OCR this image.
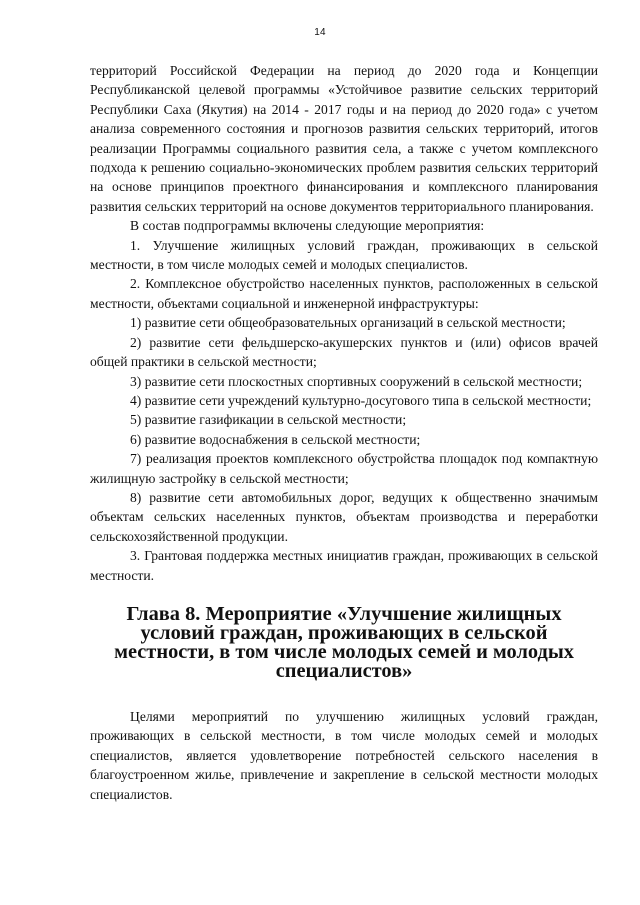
14

территорий Российской Федерации на период до 2020 года и Концепции Республиканской целевой программы «Устойчивое развитие сельских территорий Республики Саха (Якутия) на 2014 - 2017 годы и на период до 2020 года» с учетом анализа современного состояния и прогнозов развития сельских территорий, итогов реализации Программы социального развития села, а также с учетом комплексного подхода к решению социально-экономических проблем развития сельских территорий на основе принципов проектного финансирования и комплексного планирования развития сельских территорий на основе документов территориального планирования.

В состав подпрограммы включены следующие мероприятия:

1. Улучшение жилищных условий граждан, проживающих в сельской местности, в том числе молодых семей и молодых специалистов.

2. Комплексное обустройство населенных пунктов, расположенных в сельской местности, объектами социальной и инженерной инфраструктуры:

1) развитие сети общеобразовательных организаций в сельской местности;

2) развитие сети фельдшерско-акушерских пунктов и (или) офисов врачей общей практики в сельской местности;

3) развитие сети плоскостных спортивных сооружений в сельской местности;

4) развитие сети учреждений культурно-досугового типа в сельской местности;

5) развитие газификации в сельской местности;

6) развитие водоснабжения в сельской местности;

7) реализация проектов комплексного обустройства площадок под компактную жилищную застройку в сельской местности;

8) развитие сети автомобильных дорог, ведущих к общественно значимым объектам сельских населенных пунктов, объектам производства и переработки сельскохозяйственной продукции.

3. Грантовая поддержка местных инициатив граждан, проживающих в сельской местности.

Глава 8. Мероприятие «Улучшение жилищных условий граждан, проживающих в сельской местности, в том числе молодых семей и молодых специалистов»

Целями мероприятий по улучшению жилищных условий граждан, проживающих в сельской местности, в том числе молодых семей и молодых специалистов, является удовлетворение потребностей сельского населения в благоустроенном жилье, привлечение и закрепление в сельской местности молодых специалистов.
